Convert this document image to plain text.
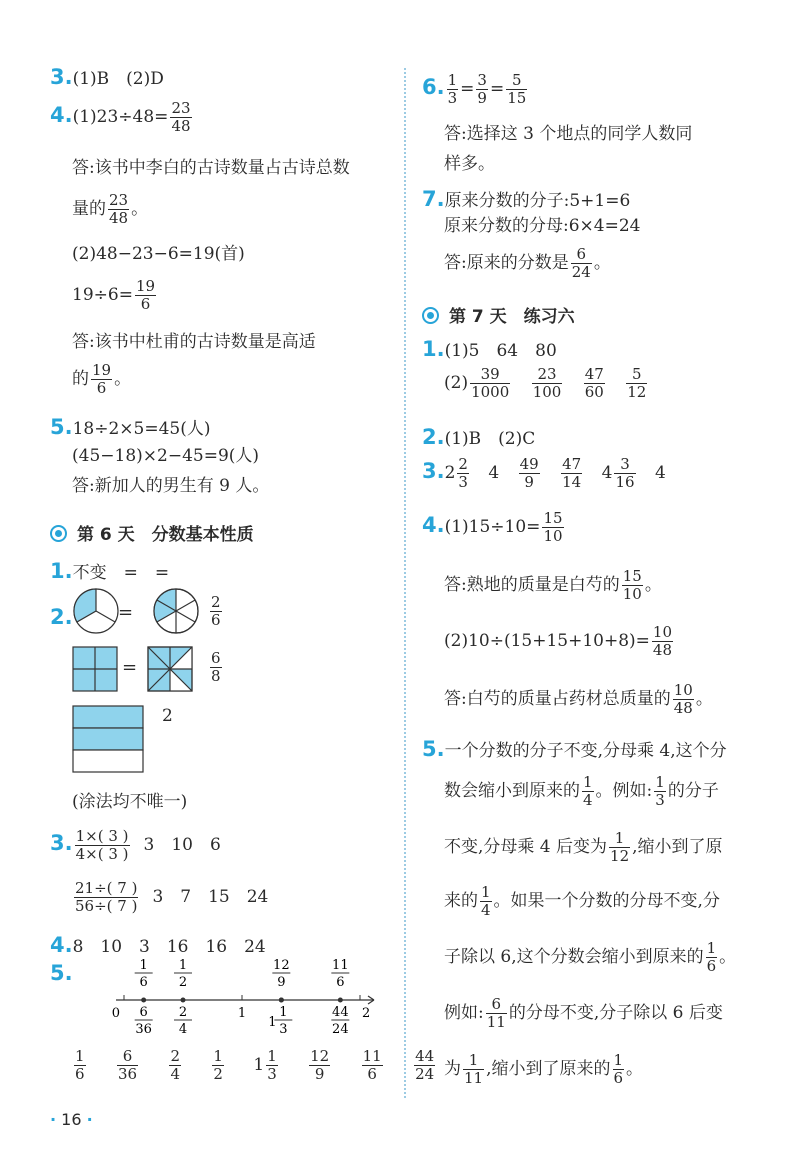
3.(1)B　(2)D
$4.(1)23\div 48= \frac{23}{48}$
答:该书中李白的古诗数量占古诗总数
量的 $\frac{23}{48}$ 。
(2)48−23−6=19(首)
$19\div 6= \frac{19}{6}$
答:该书中杜甫的古诗数量是高适
的 $\frac{19}{6}$ 。
5.18÷2×5=45(人)
(45−18)×2−45=9(人)
答:新加人的男生有 9 人。
第 6 天　 分数基本性质
1.不变　=　=
2.	=	$\frac{2}{6}$
=	$\frac{6}{8}$
2
(涂法均不唯一)
3. $\frac{1\times( 3 )}{4\times( 3 )} 3$　10　6
$\frac{21\div( 7 )}{56\div( 7 )} 3$　7　15　24
4.8　10　3　16　16　24
5.
0	1	2
1
6
1
2
12
9
11
6
6
36
2
4
44
24
1
1
3
$\frac{1}{6}$
$\frac{6}{36}$
$\frac{2}{4}$
$\frac{1}{2} 1 \frac{1}{3}$
$\frac{12}{9}$
$\frac{11}{6}$
$\frac{44}{24}$
6. $\frac{1}{3} = \frac{3}{9} = \frac{5}{15}$
答:选择这 3 个地点的同学人数同
样多。
7.原来分数的分子:5+1=6
原来分数的分母:6×4=24
答:原来的分数是 $\frac{6}{24}$ 。
第 7 天　 练习六
1.(1)5　64　80
$(2) \frac{39}{1000}$
$\frac{23}{100}$
$\frac{47}{60}$
$\frac{5}{12}$
2.(1)B　(2)C
$3.2 \frac{2}{3} 4 \frac{49}{9}$
$\frac{47}{14} 4 \frac{3}{16} 4$
$4.(1)15\div 10= \frac{15}{10}$
答:熟地的质量是白芍的 $\frac{15}{10}$ 。
$(2)10\div(15+15+10+8)= \frac{10}{48}$
答:白芍的质量占药材总质量的 $\frac{10}{48}$ 。
5.一个分数的分子不变,分母乘 4,这个分
数会缩小到原来的 $\frac{1}{4}$ 。例如: $\frac{1}{3}$ 的分子
不变,分母乘 4 后变为 $\frac{1}{12}$ ,缩小到了原
来的 $\frac{1}{4}$ 。如果一个分数的分母不变,分
子除以 6,这个分数会缩小到原来的 $\frac{1}{6}$ 。
例如: $\frac{6}{11}$ 的分母不变,分子除以 6 后变
为 $\frac{1}{11}$ ,缩小到了原来的 $\frac{1}{6}$ 。
· 16 ·
